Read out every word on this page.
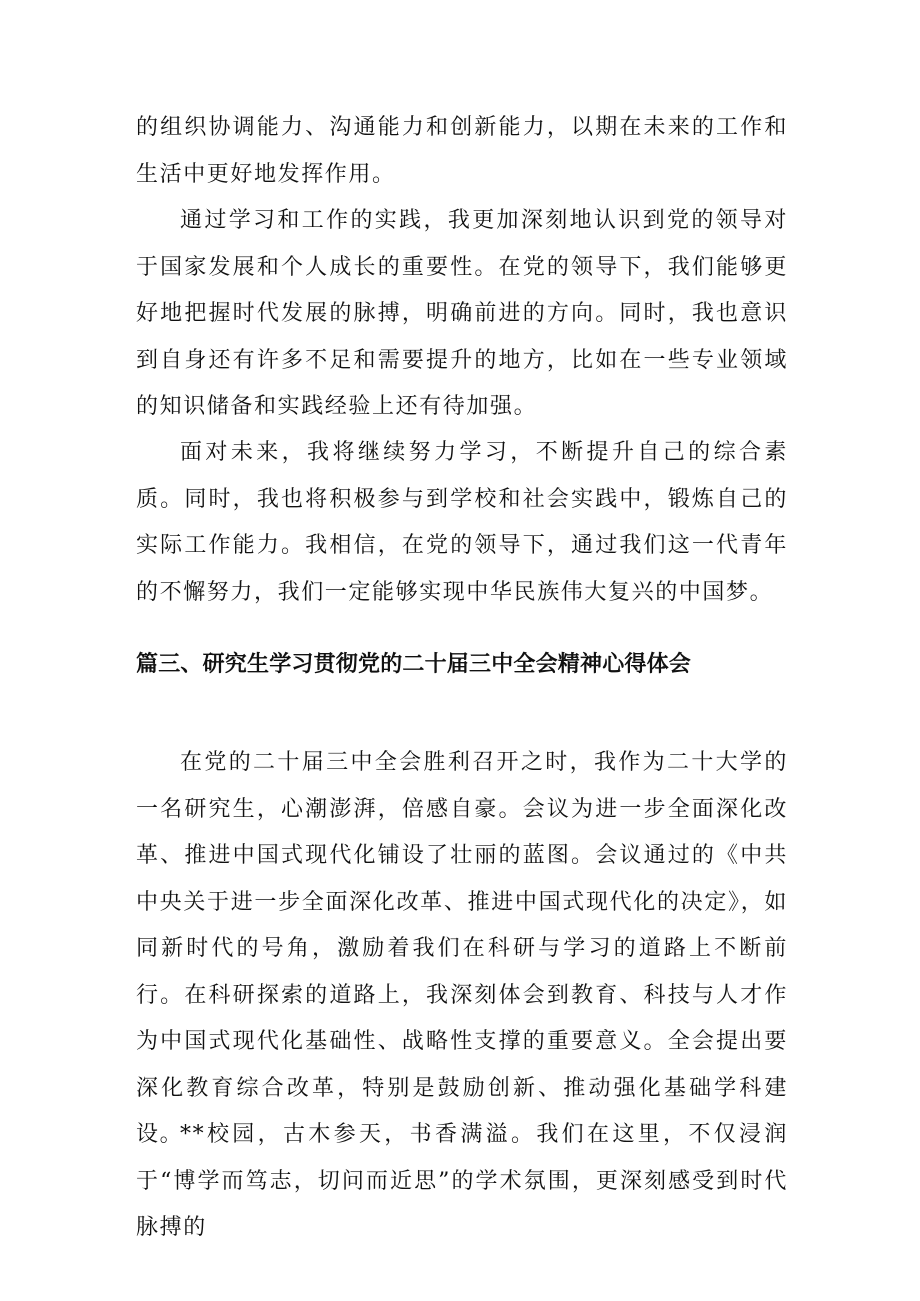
的组织协调能力、沟通能力和创新能力，以期在未来的工作和生活中更好地发挥作用。

通过学习和工作的实践，我更加深刻地认识到党的领导对于国家发展和个人成长的重要性。在党的领导下，我们能够更好地把握时代发展的脉搏，明确前进的方向。同时，我也意识到自身还有许多不足和需要提升的地方，比如在一些专业领域的知识储备和实践经验上还有待加强。

面对未来，我将继续努力学习，不断提升自己的综合素质。同时，我也将积极参与到学校和社会实践中，锻炼自己的实际工作能力。我相信，在党的领导下，通过我们这一代青年的不懈努力，我们一定能够实现中华民族伟大复兴的中国梦。

篇三、研究生学习贯彻党的二十届三中全会精神心得体会

在党的二十届三中全会胜利召开之时，我作为二十大学的一名研究生，心潮澎湃，倍感自豪。会议为进一步全面深化改革、推进中国式现代化铺设了壮丽的蓝图。会议通过的《中共中央关于进一步全面深化改革、推进中国式现代化的决定》，如同新时代的号角，激励着我们在科研与学习的道路上不断前行。在科研探索的道路上，我深刻体会到教育、科技与人才作为中国式现代化基础性、战略性支撑的重要意义。全会提出要深化教育综合改革，特别是鼓励创新、推动强化基础学科建设。

**校园，古木参天，书香满溢。我们在这里，不仅浸润于“博学而笃志，切问而近思”的学术氛围，更深刻感受到时代脉搏的
